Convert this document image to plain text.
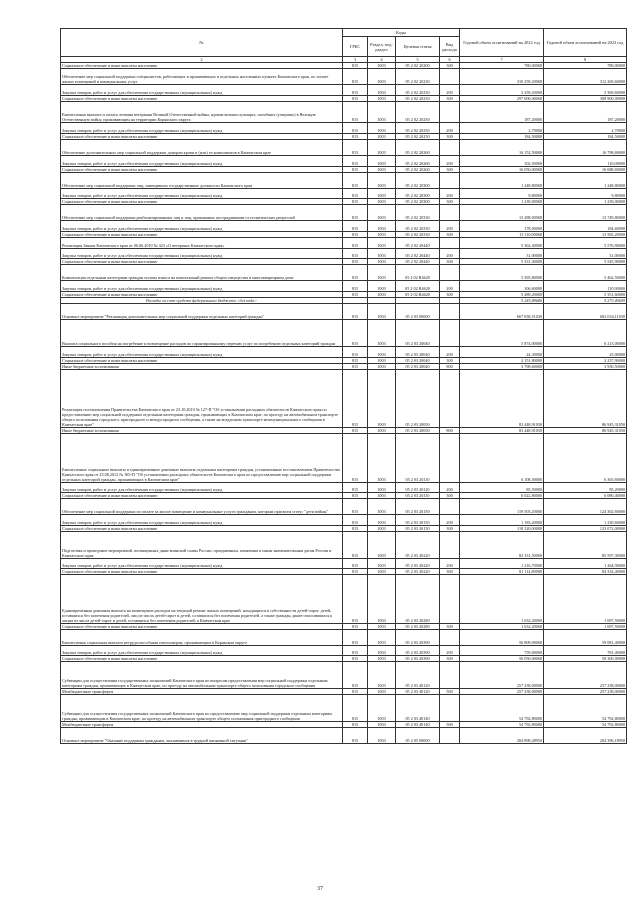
№	Коды				Годовой объем ассигнований на 2022 год	Годовой объем ассигнований на 2023 год
	ГРБС	Раздел, под-раздел	Целевая статья	Вид расхода		
2	3	4	5	6	7	8
Социальное обеспечение и иные выплаты населению	815	1003	05 2 02 20200	300	780,00000	780,00000
Обеспечение мер социальной поддержки специалистов, работающих и проживающих в отдельных населенных пунктах Камчатского края, по оплате жилых помещений и коммунальных услуг	815	1003	05 2 02 20230		310 259,20000	312 269,60000
Закупка товаров, работ и услуг для обеспечения государственных (муниципальных) нужд	815	1003	05 2 02 20230	200	3 259,20000	3 369,60000
Социальное обеспечение и иные выплаты населению	815	1003	05 2 02 20230	300	297 000,00000	308 900,00000
Ежемесячная выплата и оплата лечения ветеранам Великой Отечественной войны, вдовам военнослужащих, погибших (умерших) в Великую Отечественную войну, проживающим на территории Корякского округа	815	1003	05 2 02 20250		187,20000	187,20000
Закупка товаров, работ и услуг для обеспечения государственных (муниципальных) нужд	815	1003	05 2 02 20250	200	2,70000	2,70000
Социальное обеспечение и иные выплаты населению	815	1003	05 2 02 20250	300	184,50000	184,50000
Обеспечение дополнительных мер социальной поддержки донорам крови и (или) ее компонентов в Камчатском крае	815	1003	05 2 02 20260		16 152,50000	16 798,69000
Закупка товаров, работ и услуг для обеспечения государственных (муниципальных) нужд	815	1003	05 2 02 20260	200	102,50000	110,00000
Социальное обеспечение и иные выплаты населению	815	1003	05 2 02 20260	300	16 050,00000	16 688,69000
Обеспечение мер социальной поддержки лиц, замещавших государственные должности Камчатского края	815	1003	05 2 02 20300		1 248,80000	1 248,80000
Закупка товаров, работ и услуг для обеспечения государственных (муниципальных) нужд	815	1003	05 2 02 20300	200	9,80000	9,80000
Социальное обеспечение и иные выплаты населению	815	1003	05 2 02 20300	300	1 239,00000	1 239,00000
Обеспечение мер социальной поддержки реабилитированных лиц и лиц, признанных пострадавшими от политических репрессий	815	1003	05 2 02 20330		13 288,00000	13 749,80000
Закупка товаров, работ и услуг для обеспечения государственных (муниципальных) нужд	815	1003	05 2 02 20330	200	178,00000	184,60000
Социальное обеспечение и иные выплаты населению	815	1003	05 2 02 20330	300	13 110,00000	13 565,20000
Реализация Закона Камчатского края от 06.06.2019 № 323 «О ветеранах Камчатского края»	815	1003	05 2 02 20440		5 362,40000	5 576,90000
Закупка товаров, работ и услуг для обеспечения государственных (муниципальных) нужд	815	1003	05 2 02 20440	200	31,00000	31,00000
Социальное обеспечение и иные выплаты населению	815	1003	05 2 02 20440	300	5 331,40000	5 545,90000
Компенсация отдельным категориям граждан оплаты взноса на капитальный ремонт общего имущества в многоквартирном доме	815	1003	05 2 02 R4620		5 395,80000	5 462,50000
Закупка товаров, работ и услуг для обеспечения государственных (муниципальных) нужд	815	1003	05 2 02 R4620	200	106,60000	110,90000
Социальное обеспечение и иные выплаты населению	815	1003	05 2 02 R4620	300	5 289,20000	5 351,60000
Расходы за счет средств федерального бюджета <без кода>					5 243,89680	5 273,40609
Основное мероприятие "Реализация дополнительных мер социальной поддержки отдельных категорий граждан"	815	1003	05 2 03 00000		667 838,51030	682 034,11030
Выплата социального пособия на погребение и возмещение расходов по гарантированному перечню услуг по погребению отдельных категорий граждан	815	1003	05 2 03 20040		5 874,00000	6 213,00000
Закупка товаров, работ и услуг для обеспечения государственных (муниципальных) нужд	815	1003	05 2 03 20040	200	24,30000	25,00000
Социальное обеспечение и иные выплаты населению	815	1003	05 2 03 20040	300	2 151,80000	2 237,90000
Иные бюджетные ассигнования	815	1003	05 2 03 20040	800	3 798,60000	3 950,50000
Реализация постановления Правительства Камчатского края от 23.10.2010 № 127-П "Об установлении расходных обязательств Камчатского края по предоставлению мер социальной поддержки отдельным категориям граждан, проживающих в Камчатском крае, по проезду на автомобильном транспорте общего пользования городского, пригородного и междугородного сообщения, а также на воздушном транспорте межмуниципального сообщения в Камчатском крае"	815	1003	05 2 03 20050		83 448,91050	86 945,31050
Иные бюджетные ассигнования	815	1003	05 2 03 20050	800	83 448,91050	86 945,31050
Ежемесячные социальные выплаты и единовременные денежные выплаты отдельным категориям граждан, установленные постановлением Правительства Камчатского края от 23.08.2012 № 385-П "Об установлении расходных обязательств Камчатского края по предоставлению мер социальной поддержки отдельных категорий граждан, проживающих в Камчатском крае"	815	1003	05 2 03 20110		6 108,30000	6 365,60000
Закупка товаров, работ и услуг для обеспечения государственных (муниципальных) нужд	815	1003	05 2 03 20110	200	85,50000	85,20000
Социальное обеспечение и иные выплаты населению	815	1003	05 2 03 20110	300	6 022,80000	6 080,40000
Обеспечение мер социальной поддержки по оплате за жилое помещение и коммунальные услуги гражданам, которым присвоен статус "дети войны"	815	1003	05 2 03 20150		119 505,20000	124 302,60000
Закупка товаров, работ и услуг для обеспечения государственных (муниципальных) нужд	815	1003	05 2 03 20150	200	1 183,20000	1 230,60000
Социальное обеспечение и иные выплаты населению	815	1003	05 2 03 20150	300	118 320,00000	123 072,00000
Подготовка и проведение мероприятий, посвященных дням воинской славы России, праздничным, памятным и иным знаменательным датам России и Камчатского края	815	1003	05 2 03 20220		82 331,50000	85 597,30000
Закупка товаров, работ и услуг для обеспечения государственных (муниципальных) нужд	815	1003	05 2 03 20220	200	1 216,70000	1 264,90000
Социальное обеспечение и иные выплаты населению	815	1003	05 2 03 20220	300	81 114,80000	84 332,40000
Единовременная денежная выплата на возмещение расходов на текущий ремонт жилых помещений, находящихся в собственности детей-сирот, детей, оставшихся без попечения родителей, лиц из числа детей-сирот и детей, оставшихся без попечения родителей, а также граждан, ранее относившихся к лицам из числа детей-сирот и детей, оставшихся без попечения родителей, в Камчатском крае	815	1003	05 2 03 20280		1 632,20000	1 697,50000
Социальное обеспечение и иные выплаты населению	815	1003	05 2 03 20280	300	1 632,20000	1 697,50000
Ежемесячная социальная выплата нетрудоспособным пенсионерам, проживающим в Корякском округе	815	1003	05 2 03 20390		56 809,00000	59 081,40000
Закупка товаров, работ и услуг для обеспечения государственных (муниципальных) нужд	815	1003	05 2 03 20390	200	759,00000	781,40000
Социальное обеспечение и иные выплаты населению	815	1003	05 2 03 20390	300	56 050,00000	58 300,00000
Субвенции для осуществления государственных полномочий Камчатского края по вопросам предоставления мер социальной поддержки отдельным категориям граждан, проживающих в Камчатском крае, по проезду на автомобильном транспорте общего пользования городского сообщения	815	1003	05 2 03 40120		257 238,00000	257 238,00000
Межбюджетные трансферты	815	1003	05 2 03 40120	500	257 238,00000	257 238,00000
Субвенции для осуществления государственных полномочий Камчатского края по предоставлению мер социальной поддержки отдельным категориям граждан, проживающим в Камчатском крае, по проезду на автомобильном транспорте общего пользования пригородного сообщения	815	1003	05 2 03 40140		54 792,80000	54 792,80000
Межбюджетные трансферты	815	1003	05 2 03 40140	500	54 792,80000	54 792,80000
Основное мероприятие "Оказание поддержки гражданам, оказавшимся в трудной жизненной ситуации"	815	1003	05 2 05 00000		204 898,28950	204 396,18950
37
